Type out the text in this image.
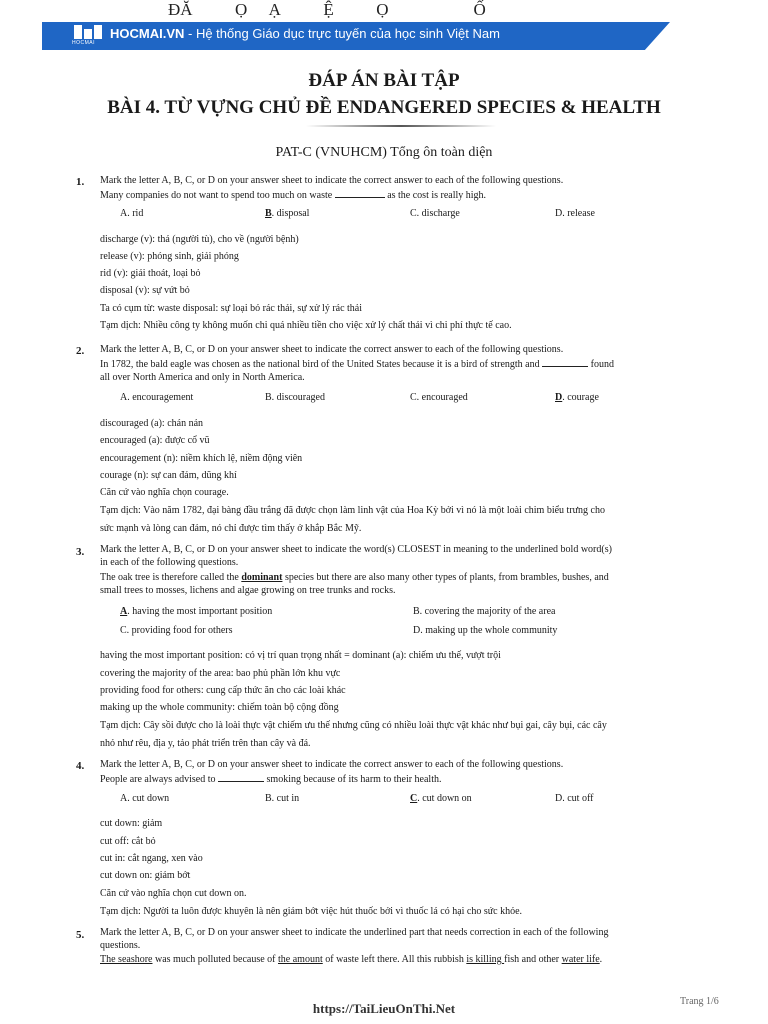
ĐĂ          Ọ     Ạ          Ệ          Ọ                    Ố
HOCMAI
HOCMAI.VN - Hệ thống Giáo dục trực tuyến của học sinh Việt Nam
ĐÁP ÁN BÀI TẬP
BÀI 4. TỪ VỰNG CHỦ ĐỀ ENDANGERED SPECIES & HEALTH
PAT-C (VNUHCM) Tổng ôn toàn diện
1. Mark the letter A, B, C, or D on your answer sheet to indicate the correct answer to each of the following questions.
Many companies do not want to spend too much on waste	as the cost is really high.
A. rid	B. disposal	C. discharge	D. release
discharge (v): thả (người tù), cho về (người bệnh)
release (v): phóng sinh, giải phóng
rid (v): giải thoát, loại bỏ
disposal (v): sự vứt bỏ
Ta có cụm từ: waste disposal: sự loại bỏ rác thải, sự xử lý rác thải
Tạm dịch: Nhiều công ty không muốn chi quá nhiều tiền cho việc xử lý chất thải vì chi phí thực tế cao.
2. Mark the letter A, B, C, or D on your answer sheet to indicate the correct answer to each of the following questions.
In 1782, the bald eagle was chosen as the national bird of the United States because it is a bird of strength and	found
all over North America and only in North America.
A. encouragement	B. discouraged	C. encouraged	D. courage
discouraged (a): chán nản
encouraged (a): được cổ vũ
encouragement (n): niềm khích lệ, niềm động viên
courage (n): sự can đảm, dũng khí
Căn cứ vào nghĩa chọn courage.
Tạm dịch: Vào năm 1782, đại bàng đầu trắng đã được chọn làm linh vật của Hoa Kỳ bởi vì nó là một loài chim biểu trưng cho
sức mạnh và lòng can đảm, nó chỉ được tìm thấy ở khắp Bắc Mỹ.
3. Mark the letter A, B, C, or D on your answer sheet to indicate the word(s) CLOSEST in meaning to the underlined bold word(s)
in each of the following questions.
The oak tree is therefore called the dominant species but there are also many other types of plants, from brambles, bushes, and
small trees to mosses, lichens and algae growing on tree trunks and rocks.
A. having the most important position	B. covering the majority of the area
C. providing food for others	D. making up the whole community
having the most important position: có vị trí quan trọng nhất = dominant (a): chiếm ưu thế, vượt trội
covering the majority of the area: bao phủ phần lớn khu vực
providing food for others: cung cấp thức ăn cho các loài khác
making up the whole community: chiếm toàn bộ cộng đồng
Tạm dịch: Cây sồi được cho là loài thực vật chiếm ưu thế nhưng cũng có nhiều loài thực vật khác như bụi gai, cây bụi, các cây
nhỏ như rêu, địa y, tảo phát triển trên than cây và đá.
4. Mark the letter A, B, C, or D on your answer sheet to indicate the correct answer to each of the following questions.
People are always advised to	smoking because of its harm to their health.
A. cut down	B. cut in	C. cut down on	D. cut off
cut down: giảm
cut off: cắt bỏ
cut in: cắt ngang, xen vào
cut down on: giảm bớt
Căn cứ vào nghĩa chọn cut down on.
Tạm dịch: Người ta luôn được khuyên là nên giảm bớt việc hút thuốc bởi vì thuốc lá có hại cho sức khỏe.
5. Mark the letter A, B, C, or D on your answer sheet to indicate the underlined part that needs correction in each of the following
questions.
The seashore was much polluted because of the amount of waste left there. All this rubbish is killing fish and other water life.
https://TaiLieuOnThi.Net	Trang 1/6
